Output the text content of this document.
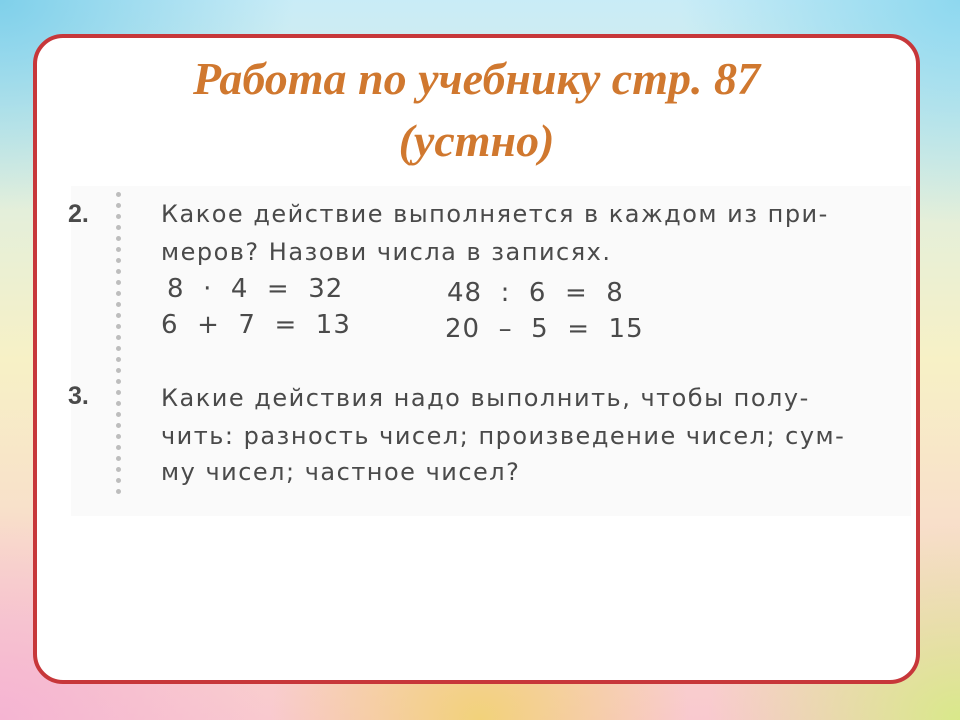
Работа по учебнику стр. 87
(устно)
2.	Какое действие выполняется в каждом из при-
меров? Назови числа в записях.
8  ·  4  =  32	48  :  6  =  8
6  +  7  =  13	20  –  5  =  15
3.	Какие действия надо выполнить, чтобы полу-
чить: разность чисел; произведение чисел; сум-
му чисел; частное чисел?
